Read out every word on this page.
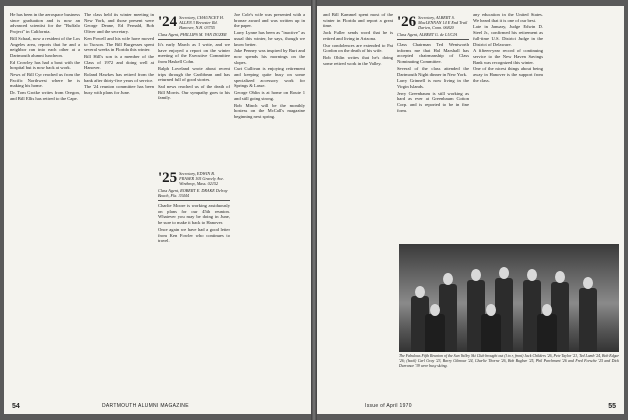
He has been in the aerospace business since graduation and is now an advanced scientist for the "Buffalo Project" in California.

Bill Schaal, now a resident of the Los Angeles area, reports that he and a neighbor ran into each other at a Dartmouth alumni luncheon.

Ed Crowley has had a bout with the hospital but is now back at work.

News of Bill Cyr reached us from the Pacific Northwest where he is making his home.

Dr. Tom Grotke writes from Oregon, and Bill Ellis has retired to the Cape.

The class held its winter meeting in New York, and those present were George Deane, Ed Fernald, Bob Oliver and the secretary.

Ken Powell and his wife have moved to Tucson. The Bill Burgesses spent several weeks in Florida this winter.

Bill Hill's son is a member of the Class of 1972 and doing well at Hanover.

Roland Hawkes has retired from the bank after thirty-five years of service.

The '24 reunion committee has been busy with plans for June.

'24 Secretary, CHAUNCEY H. ALLEN 3 Brewster Rd. Hanover, N.H. 03755
Class Agent, PHILLIPS M. VAN DUZER

It's early March as I write, and we have enjoyed a report on the winter meeting of the Executive Committee from Haskell Cohn.

Ralph Loveland wrote about recent trips through the Caribbean and has returned full of good stories.

Sad news reached us of the death of Bill Morris. Our sympathy goes to his family.

'25 Secretary, EDWIN B. FRASER 105 Gravely Ave. Winthrop, Mass. 02152
Class Agent, ROBERT E. DRAKE Delray Beach, Fla. 33444

Charlie Moore is working assiduously on plans for our 45th reunion. Whatever you may be doing in June, be sure to make it back to Hanover.

Once again we have had a good letter from Ken Fowler who continues to travel.

Joe Cole's wife was presented with a bronze award and was written up in the paper.

Larry Lynne has been as "inactive" as usual this winter, he says, though we know better.

Jake Penney was inspired by Burt and now spends his mornings on the slopes.

Curt Cullivan is enjoying retirement and keeping quite busy on some specialized accessory work for Springs & Lasse.

George Ohlin is at home on Route 1 and still going strong.

Bob Minch will be the monthly hostess on the McCall's magazine beginning next spring.

54	DARTMOUTH ALUMNI MAGAZINE

and Bill Kammel spent most of the winter in Florida and report a great time.

Jack Fuller sends word that he is retired and living in Arizona.

Our condolences are extended to Pat Gordon on the death of his wife.

Bob Ohlin writes that he's doing some retired work in the Valley.

'26 Secretary, ALBERT S. MacLENNAN 14 E End Trail Darien, Conn. 06820
Class Agent, ALBERT G. de LUCIA

Class Chairman Ted Wentworth informs me that Hal Marshall has accepted chairmanship of Class Nominating Committee.

Several of the class attended the Dartmouth Night dinner in New York.

Larry Grinnell is now living in the Virgin Islands.

Jerry Greenbaum is still working as hard as ever at Greenbaum Cotton Corp. and is reported to be in fine form.

any education in the United States. We heard that it is one of our best.

Late in January, Judge Edwin D. Steel Jr., confirmed his retirement as full-time U.S. District Judge in the District of Delaware.

A fifteen-year record of continuing service to the New Haven Savings Bank was recognized this winter.

One of the nicest things about being away in Hanover is the support from the class.

The Fabulous Fifth Reunion of the Sun Valley Ski Club brought out (l to r, front) Jack Childers '26, Pete Taylor '21, Ted Lamb '24, Bob Edgar '26; (back) Carl Gray '23, Barry Gilmour '24, Charlie Thorne '26, Bob Bugbee '25, Phil Parchment '26 and Fred Forsche '25 and Dick Durrance '39 were busy skiing.
Issue of April 1970	55
